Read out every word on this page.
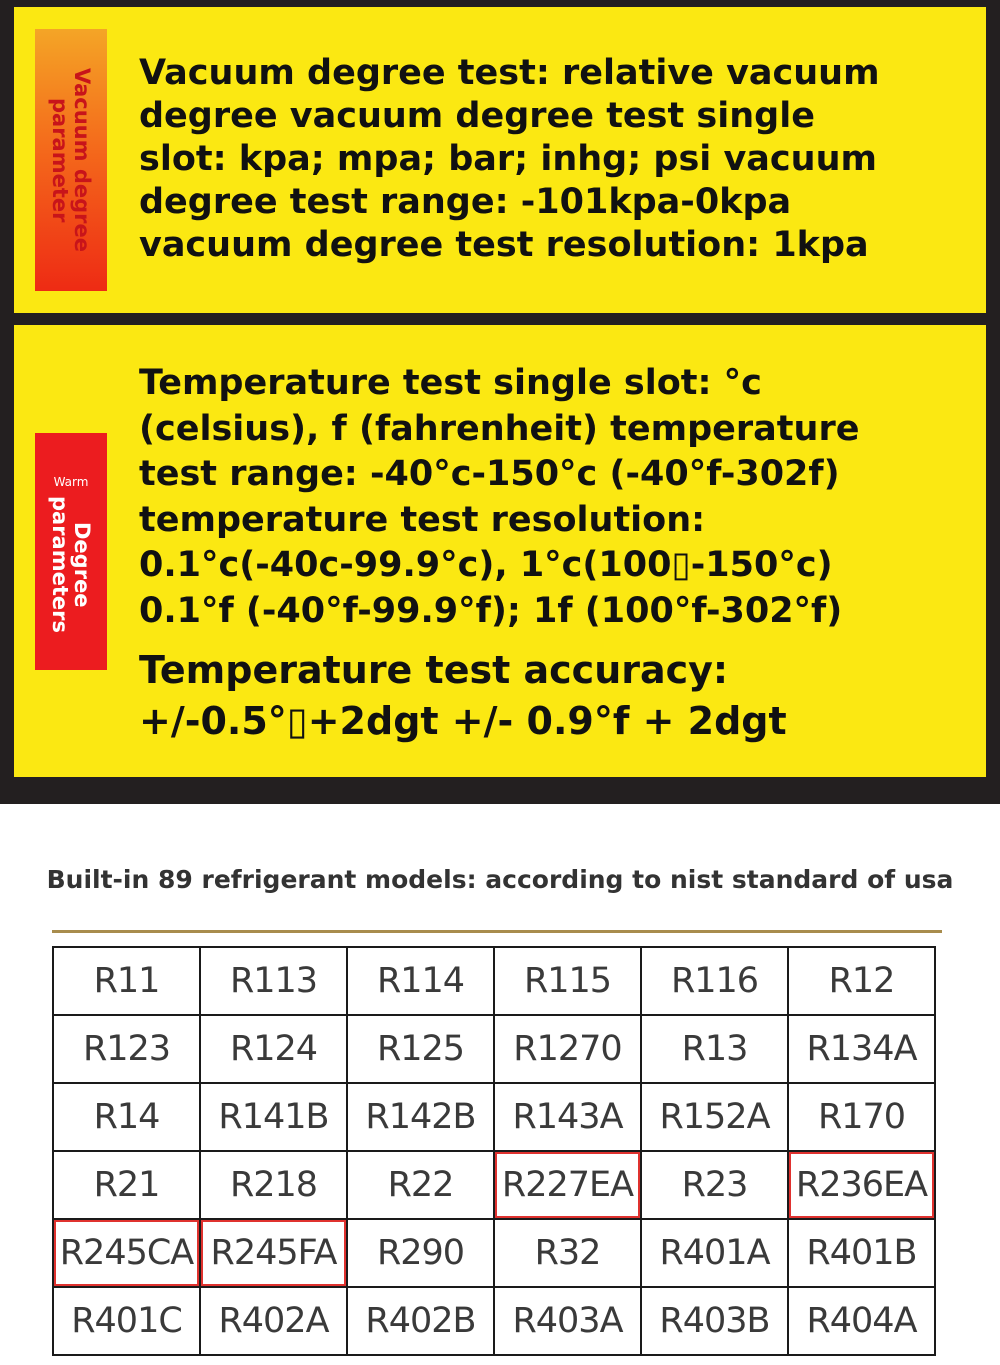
Vacuum degree parameter
Vacuum degree test: relative vacuum
degree vacuum degree test single
slot: kpa; mpa; bar; inhg; psi vacuum
degree test range: -101kpa-0kpa
vacuum degree test resolution: 1kpa
Warm
Degree parameters
Temperature test single slot: °c
(celsius), f (fahrenheit) temperature
test range: -40°c-150°c (-40°f-302f)
temperature test resolution:
0.1°c(-40c-99.9°c), 1°c(100▯-150°c)
0.1°f (-40°f-99.9°f); 1f (100°f-302°f)
Temperature test accuracy:
+/-0.5°▯+2dgt +/- 0.9°f + 2dgt
Built-in 89 refrigerant models: according to nist standard of usa
R11	R113	R114	R115	R116	R12
R123	R124	R125	R1270	R13	R134A
R14	R141B	R142B	R143A	R152A	R170
R21	R218	R22	R227EA	R23	R236EA
R245CA	R245FA	R290	R32	R401A	R401B
R401C	R402A	R402B	R403A	R403B	R404A
